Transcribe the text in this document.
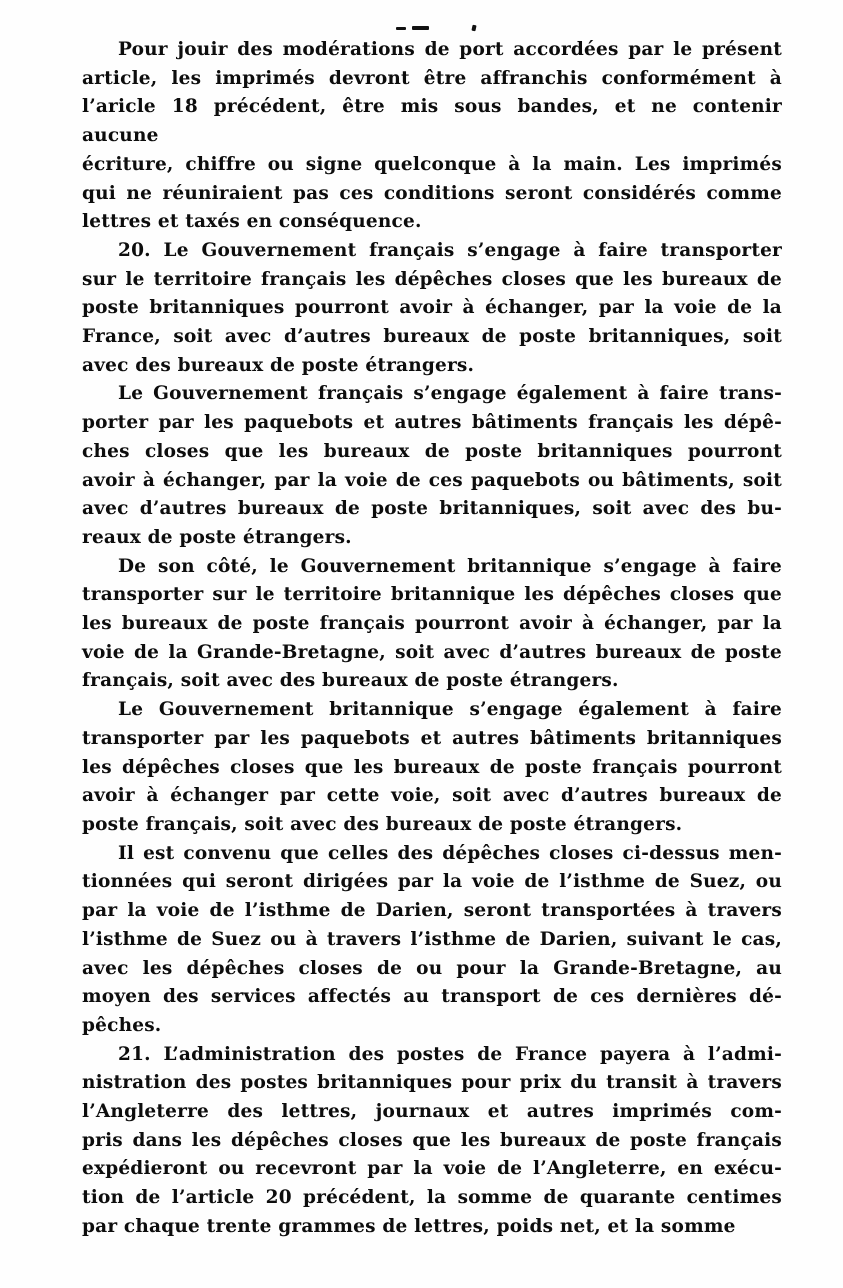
Pour jouir des modérations de port accordées par le présent
article, les imprimés devront être affranchis conformément à
l’aricle 18 précédent, être mis sous bandes, et ne contenir aucune
écriture, chiffre ou signe quelconque à la main. Les imprimés
qui ne réuniraient pas ces conditions seront considérés comme
lettres et taxés en conséquence.

20. Le Gouvernement français s’engage à faire transporter
sur le territoire français les dépêches closes que les bureaux de
poste britanniques pourront avoir à échanger, par la voie de la
France, soit avec d’autres bureaux de poste britanniques, soit
avec des bureaux de poste étrangers.

Le Gouvernement français s’engage également à faire trans-
porter par les paquebots et autres bâtiments français les dépê-
ches closes que les bureaux de poste britanniques pourront
avoir à échanger, par la voie de ces paquebots ou bâtiments, soit
avec d’autres bureaux de poste britanniques, soit avec des bu-
reaux de poste étrangers.

De son côté, le Gouvernement britannique s’engage à faire
transporter sur le territoire britannique les dépêches closes que
les bureaux de poste français pourront avoir à échanger, par la
voie de la Grande-Bretagne, soit avec d’autres bureaux de poste
français, soit avec des bureaux de poste étrangers.

Le Gouvernement britannique s’engage également à faire
transporter par les paquebots et autres bâtiments britanniques
les dépêches closes que les bureaux de poste français pourront
avoir à échanger par cette voie, soit avec d’autres bureaux de
poste français, soit avec des bureaux de poste étrangers.

Il est convenu que celles des dépêches closes ci-dessus men-
tionnées qui seront dirigées par la voie de l’isthme de Suez, ou
par la voie de l’isthme de Darien, seront transportées à travers
l’isthme de Suez ou à travers l’isthme de Darien, suivant le cas,
avec les dépêches closes de ou pour la Grande-Bretagne, au
moyen des services affectés au transport de ces dernières dé-
pêches.

21. L’administration des postes de France payera à l’admi-
nistration des postes britanniques pour prix du transit à travers
l’Angleterre des lettres, journaux et autres imprimés com-
pris dans les dépêches closes que les bureaux de poste français
expédieront ou recevront par la voie de l’Angleterre, en exécu-
tion de l’article 20 précédent, la somme de quarante centimes
par chaque trente grammes de lettres, poids net, et la somme
